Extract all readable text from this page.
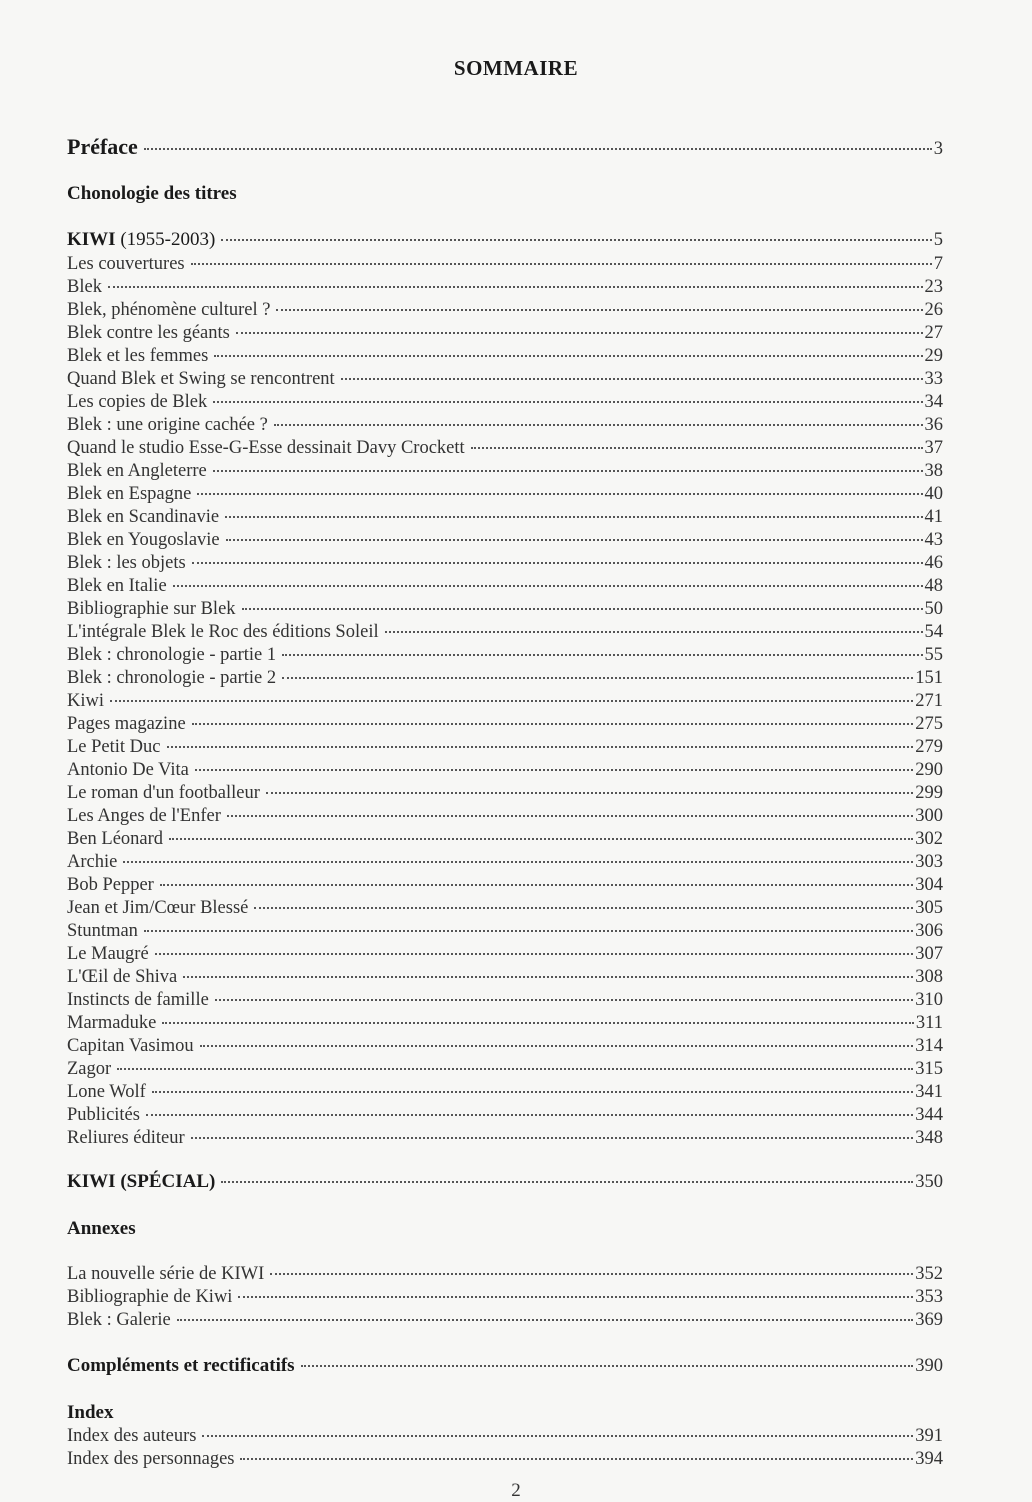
SOMMAIRE
Préface	3
Chonologie des titres
KIWI (1955-2003)	5
Les couvertures	7
Blek	23
Blek, phénomène culturel ?	26
Blek contre les géants	27
Blek et les femmes	29
Quand Blek et Swing se rencontrent	33
Les copies de Blek	34
Blek : une origine cachée ?	36
Quand le studio Esse-G-Esse dessinait Davy Crockett	37
Blek en Angleterre	38
Blek en Espagne	40
Blek en Scandinavie	41
Blek en Yougoslavie	43
Blek : les objets	46
Blek en Italie	48
Bibliographie sur Blek	50
L'intégrale Blek le Roc des éditions Soleil	54
Blek : chronologie - partie 1	55
Blek : chronologie - partie 2	151
Kiwi	271
Pages magazine	275
Le Petit Duc	279
Antonio De Vita	290
Le roman d'un footballeur	299
Les Anges de l'Enfer	300
Ben Léonard	302
Archie	303
Bob Pepper	304
Jean et Jim/Cœur Blessé	305
Stuntman	306
Le Maugré	307
L'Œil de Shiva	308
Instincts de famille	310
Marmaduke	311
Capitan Vasimou	314
Zagor	315
Lone Wolf	341
Publicités	344
Reliures éditeur	348
KIWI (SPÉCIAL)	350
Annexes
La nouvelle série de KIWI	352
Bibliographie de Kiwi	353
Blek : Galerie	369
Compléments et rectificatifs	390
Index
Index des auteurs	391
Index des personnages	394
2
